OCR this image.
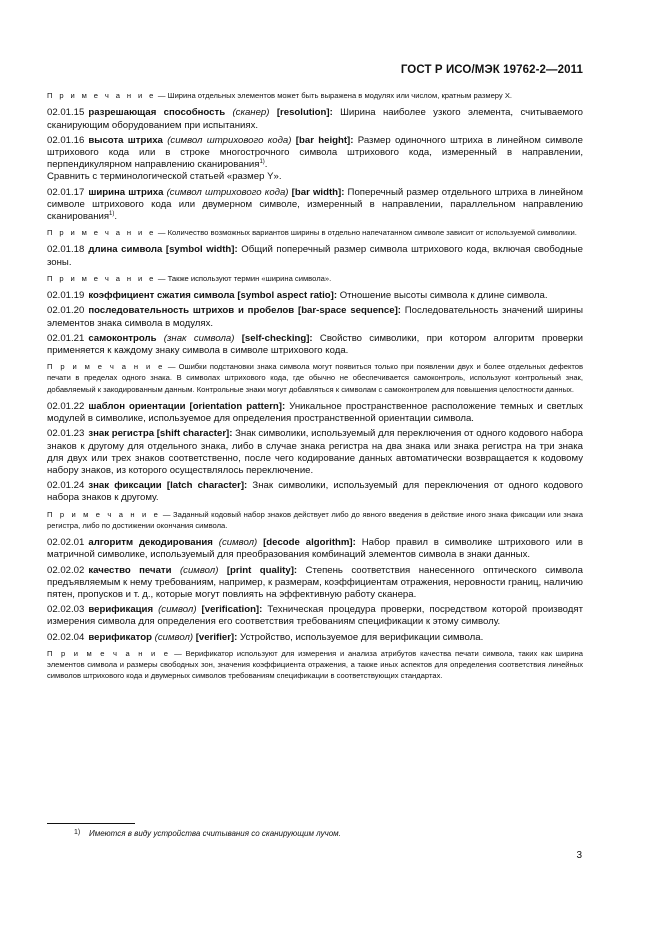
ГОСТ Р ИСО/МЭК 19762-2—2011

П р и м е ч а н и е — Ширина отдельных элементов может быть выражена в модулях или числом, кратным размеру X.

02.01.15 разрешающая способность (сканер) [resolution]: Ширина наиболее узкого элемента, считываемого сканирующим оборудованием при испытаниях.

02.01.16 высота штриха (символ штрихового кода) [bar height]: Размер одиночного штриха в линейном символе штрихового кода или в строке многострочного символа штрихового кода, измеренный в направлении, перпендикулярном направлению сканирования$^{1)}$.

Сравнить с терминологической статьей «размер Y».

02.01.17 ширина штриха (символ штрихового кода) [bar width]: Поперечный размер отдельного штриха в линейном символе штрихового кода или двумерном символе, измеренный в направлении, параллельном направлению сканирования$^{1)}$.

П р и м е ч а н и е — Количество возможных вариантов ширины в отдельно напечатанном символе зависит от используемой символики.

02.01.18 длина символа [symbol width]: Общий поперечный размер символа штрихового кода, включая свободные зоны.

П р и м е ч а н и е — Также используют термин «ширина символа».

02.01.19 коэффициент сжатия символа [symbol aspect ratio]: Отношение высоты символа к длине символа.

02.01.20 последовательность штрихов и пробелов [bar-space sequence]: Последовательность значений ширины элементов знака символа в модулях.

02.01.21 самоконтроль (знак символа) [self-checking]: Свойство символики, при котором алгоритм проверки применяется к каждому знаку символа в символе штрихового кода.

П р и м е ч а н и е — Ошибки подстановки знака символа могут появиться только при появлении двух и более отдельных дефектов печати в пределах одного знака. В символах штрихового кода, где обычно не обеспечивается самоконтроль, используют контрольный знак, добавляемый к закодированным данным. Контрольные знаки могут добавляться к символам с самоконтролем для повышения целостности данных.

02.01.22 шаблон ориентации [orientation pattern]: Уникальное пространственное расположение темных и светлых модулей в символике, используемое для определения пространственной ориентации символа.

02.01.23 знак регистра [shift character]: Знак символики, используемый для переключения от одного кодового набора знаков к другому для отдельного знака, либо в случае знака регистра на два знака или знака регистра на три знака для двух или трех знаков соответственно, после чего кодирование данных автоматически возвращается к кодовому набору знаков, из которого осуществлялось переключение.

02.01.24 знак фиксации [latch character]: Знак символики, используемый для переключения от одного кодового набора знаков к другому.

П р и м е ч а н и е — Заданный кодовый набор знаков действует либо до явного введения в действие иного знака фиксации или знака регистра, либо по достижении окончания символа.

02.02.01 алгоритм декодирования (символ) [decode algorithm]: Набор правил в символике штрихового или в матричной символике, используемый для преобразования комбинаций элементов символа в знаки данных.

02.02.02 качество печати (символ) [print quality]: Степень соответствия нанесенного оптического символа предъявляемым к нему требованиям, например, к размерам, коэффициентам отражения, неровности границ, наличию пятен, пропусков и т. д., которые могут повлиять на эффективную работу сканера.

02.02.03 верификация (символ) [verification]: Техническая процедура проверки, посредством которой производят измерения символа для определения его соответствия требованиям спецификации к этому символу.

02.02.04 верификатор (символ) [verifier]: Устройство, используемое для верификации символа.

П р и м е ч а н и е — Верификатор используют для измерения и анализа атрибутов качества печати символа, таких как ширина элементов символа и размеры свободных зон, значения коэффициента отражения, а также иных аспектов для определения соответствия линейных символов штрихового кода и двумерных символов требованиям спецификации в соответствующих стандартах.

1) Имеются в виду устройства считывания со сканирующим лучом.
3
